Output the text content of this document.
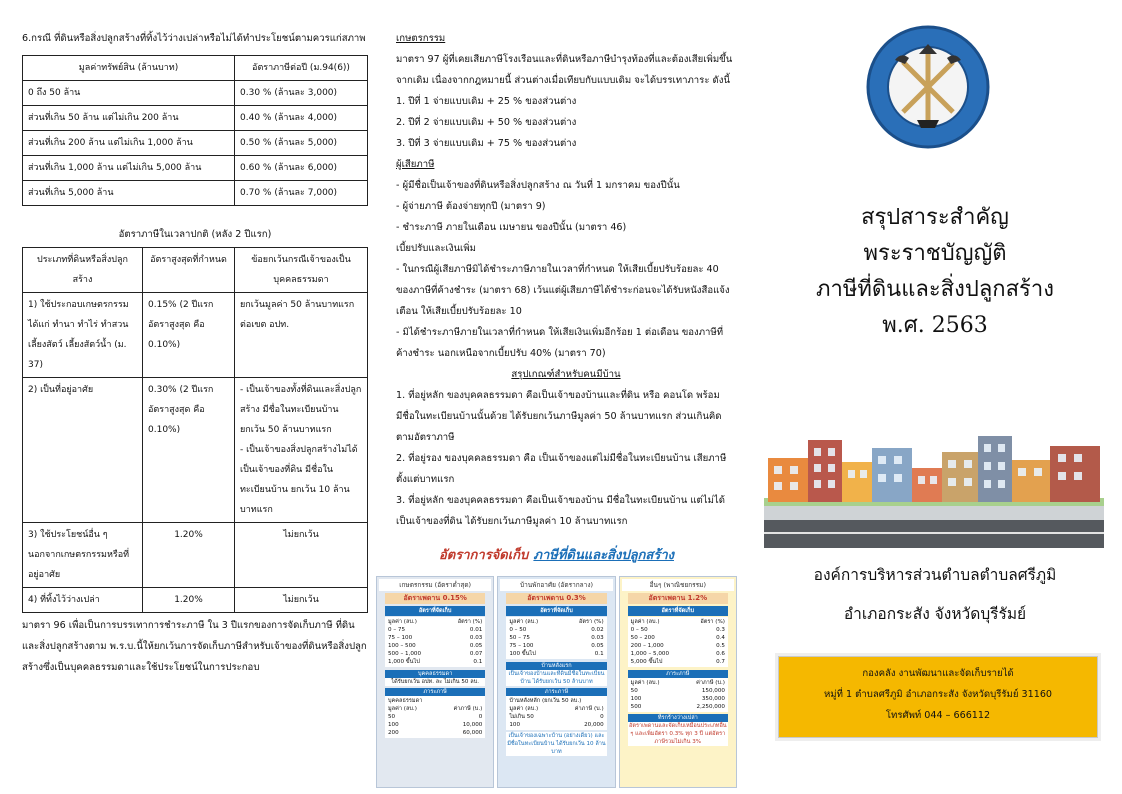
6.กรณี ที่ดินหรือสิ่งปลูกสร้างที่ทิ้งไว้ว่างเปล่าหรือไม่ได้ทำประโยชน์ตามควรแก่สภาพ
มูลค่าทรัพย์สิน (ล้านบาท)	อัตราภาษีต่อปี (ม.94(6))
0 ถึง 50 ล้าน	0.30 % (ล้านละ 3,000)
ส่วนที่เกิน 50 ล้าน แต่ไม่เกิน 200 ล้าน	0.40 % (ล้านละ 4,000)
ส่วนที่เกิน 200 ล้าน แต่ไม่เกิน 1,000 ล้าน	0.50 % (ล้านละ 5,000)
ส่วนที่เกิน 1,000 ล้าน แต่ไม่เกิน 5,000 ล้าน	0.60 % (ล้านละ 6,000)
ส่วนที่เกิน 5,000 ล้าน	0.70 % (ล้านละ 7,000)
อัตราภาษีในเวลาปกติ (หลัง 2 ปีแรก)
ประเภทที่ดินหรือสิ่งปลูกสร้าง	อัตราสูงสุดที่กำหนด	ข้อยกเว้นกรณีเจ้าของเป็นบุคคลธรรมดา
1) ใช้ประกอบเกษตรกรรม ได้แก่ ทำนา ทำไร่ ทำสวน เลี้ยงสัตว์ เลี้ยงสัตว์น้ำ (ม. 37)	0.15% (2 ปีแรกอัตราสูงสุด คือ 0.10%)	ยกเว้นมูลค่า 50 ล้านบาทแรก ต่อเขต อปท.
2) เป็นที่อยู่อาศัย	0.30% (2 ปีแรกอัตราสูงสุด คือ 0.10%)	- เป็นเจ้าของทั้งที่ดินและสิ่งปลูกสร้าง มีชื่อในทะเบียนบ้าน ยกเว้น 50 ล้านบาทแรก
- เป็นเจ้าของสิ่งปลูกสร้างไม่ได้เป็นเจ้าของที่ดิน มีชื่อในทะเบียนบ้าน ยกเว้น 10 ล้านบาทแรก
3) ใช้ประโยชน์อื่น ๆ นอกจากเกษตรกรรมหรือที่อยู่อาศัย	1.20%	ไม่ยกเว้น
4) ที่ทิ้งไว้ว่างเปล่า	1.20%	ไม่ยกเว้น
มาตรา 96 เพื่อเป็นการบรรเทาการชำระภาษี ใน 3 ปีแรกของการจัดเก็บภาษี ที่ดินและสิ่งปลูกสร้างตาม พ.ร.บ.นี้ให้ยกเว้นการจัดเก็บภาษีสำหรับเจ้าของที่ดินหรือสิ่งปลูกสร้างซึ่งเป็นบุคคลธรรมดาและใช้ประโยชน์ในการประกอบ
เกษตรกรรม
มาตรา 97 ผู้ที่เคยเสียภาษีโรงเรือนและที่ดินหรือภาษีบำรุงท้องที่และต้องเสียเพิ่มขึ้นจากเดิม เนื่องจากกฎหมายนี้ ส่วนต่างเมื่อเทียบกับแบบเดิม จะได้บรรเทาภาระ ดังนี้
1. ปีที่ 1 จ่ายแบบเดิม + 25 % ของส่วนต่าง
2. ปีที่ 2 จ่ายแบบเดิม + 50 % ของส่วนต่าง
3. ปีที่ 3 จ่ายแบบเดิม + 75 % ของส่วนต่าง
ผู้เสียภาษี
- ผู้มีชื่อเป็นเจ้าของที่ดินหรือสิ่งปลูกสร้าง ณ วันที่ 1 มกราคม ของปีนั้น
- ผู้จ่ายภาษี ต้องจ่ายทุกปี (มาตรา 9)
- ชำระภาษี ภายในเดือน เมษายน ของปีนั้น (มาตรา 46)
เบี้ยปรับและเงินเพิ่ม
- ในกรณีผู้เสียภาษีมิได้ชำระภาษีภายในเวลาที่กำหนด ให้เสียเบี้ยปรับร้อยละ 40 ของภาษีที่ค้างชำระ (มาตรา 68) เว้นแต่ผู้เสียภาษีได้ชำระก่อนจะได้รับหนังสือแจ้งเตือน ให้เสียเบี้ยปรับร้อยละ 10
- มิได้ชำระภาษีภายในเวลาที่กำหนด ให้เสียเงินเพิ่มอีกร้อย 1 ต่อเดือน ของภาษีที่ค้างชำระ นอกเหนือจากเบี้ยปรับ 40% (มาตรา 70)
สรุปเกณฑ์สำหรับคนมีบ้าน
1. ที่อยู่หลัก ของบุคคลธรรมดา คือเป็นเจ้าของบ้านและที่ดิน หรือ คอนโด พร้อมมีชื่อในทะเบียนบ้านนั้นด้วย ได้รับยกเว้นภาษีมูลค่า 50 ล้านบาทแรก ส่วนเกินคิดตามอัตราภาษี
2. ที่อยู่รอง ของบุคคลธรรมดา คือ เป็นเจ้าของแต่ไม่มีชื่อในทะเบียนบ้าน เสียภาษีตั้งแต่บาทแรก
3. ที่อยู่หลัก ของบุคคลธรรมดา คือเป็นเจ้าของบ้าน มีชื่อในทะเบียนบ้าน แต่ไม่ได้เป็นเจ้าของที่ดิน ได้รับยกเว้นภาษีมูลค่า 10 ล้านบาทแรก
อัตราการจัดเก็บ ภาษีที่ดินและสิ่งปลูกสร้าง
เกษตรกรรม (อัตราต่ำสุด)
อัตราเพดาน 0.15%
อัตราที่จัดเก็บ
มูลค่า (ลบ.)	อัตรา (%)
0 – 75	0.01
75 – 100	0.03
100 – 500	0.05
500 – 1,000	0.07
1,000 ขึ้นไป	0.1
บุคคลธรรมดา
ได้รับยกเว้น อปท. ละ ไม่เกิน 50 ลบ.
ภาระภาษี
บุคคลธรรมดา
มูลค่า (ลบ.)	ค่าภาษี (บ.)
50	0
100	10,000
200	60,000
บ้านพักอาศัย (อัตรากลาง)
อัตราเพดาน 0.3%
อัตราที่จัดเก็บ
มูลค่า (ลบ.)	อัตรา (%)
0 – 50	0.02
50 – 75	0.03
75 – 100	0.05
100 ขึ้นไป	0.1
บ้านหลังแรก
เป็นเจ้าของบ้านและที่ดินมีชื่อในทะเบียนบ้าน ได้รับยกเว้น 50 ล้านบาท
ภาระภาษี
บ้านหลังหลัก (ยกเว้น 50 ลบ.)
มูลค่า (ลบ.)	ค่าภาษี (บ.)
ไม่เกิน 50	0
100	20,000
เป็นเจ้าของเฉพาะบ้าน (อย่างเดียว) และมีชื่อในทะเบียนบ้าน ได้รับยกเว้น 10 ล้านบาท
อื่นๆ (พาณิชยกรรม)
อัตราเพดาน 1.2%
อัตราที่จัดเก็บ
มูลค่า (ลบ.)	อัตรา (%)
0 – 50	0.3
50 – 200	0.4
200 – 1,000	0.5
1,000 – 5,000	0.6
5,000 ขึ้นไป	0.7
ภาระภาษี
มูลค่า (ลบ.)	ค่าภาษี (บ.)
50	150,000
100	350,000
500	2,250,000
ที่รกร้างว่างเปล่า
อัตราเพดานและจัดเก็บเหมือนประเภทอื่น ๆ และเพิ่มอัตรา 0.3% ทุก 3 ปี แต่อัตราภาษีรวมไม่เกิน 3%
สรุปสาระสำคัญ
พระราชบัญญัติ
ภาษีที่ดินและสิ่งปลูกสร้าง
พ.ศ. 2563
องค์การบริหารส่วนตำบลตำบลศรีภูมิ
อำเภอกระสัง จังหวัดบุรีรัมย์
กองคลัง งานพัฒนาและจัดเก็บรายได้
หมู่ที่ 1 ตำบลศรีภูมิ อำเภอกระสัง จังหวัดบุรีรัมย์ 31160
โทรศัพท์ 044 – 666112
